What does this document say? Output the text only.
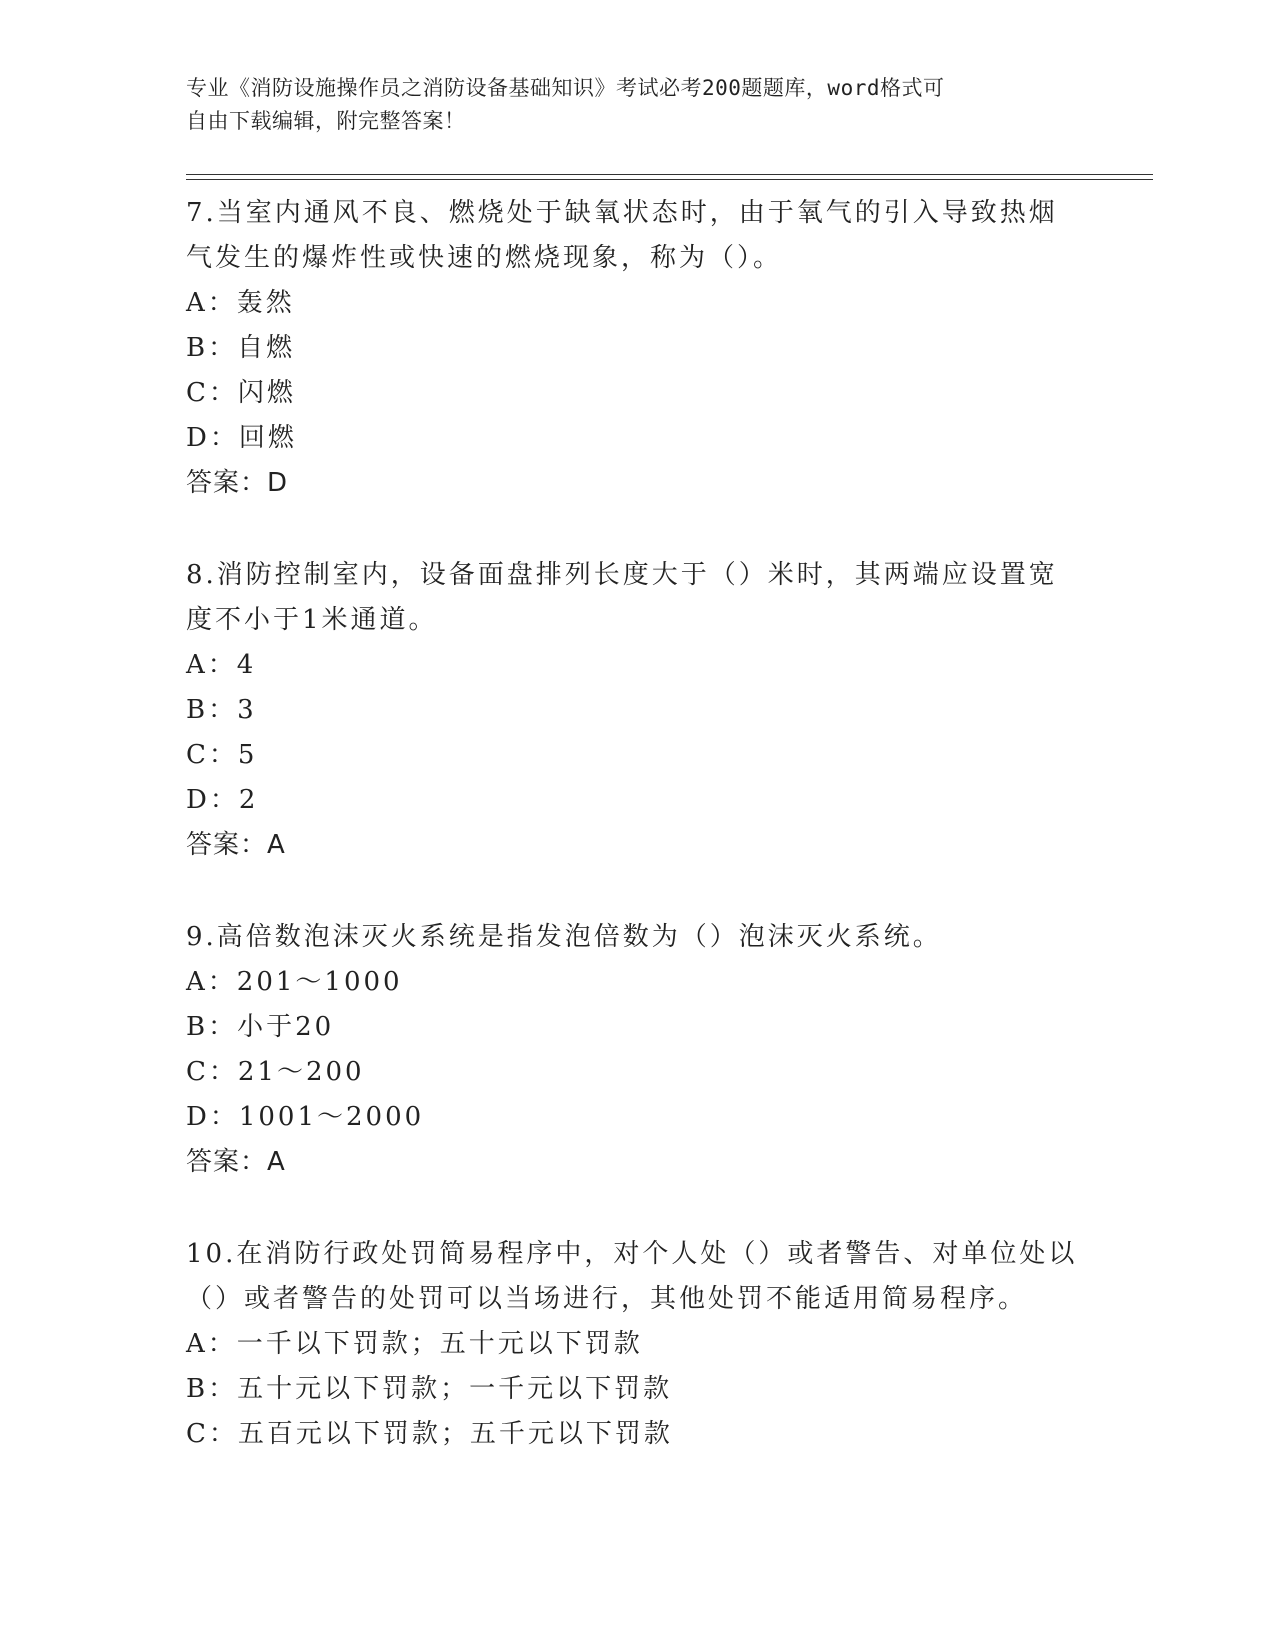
专业《消防设施操作员之消防设备基础知识》考试必考200题题库，word格式可
自由下载编辑，附完整答案！
7.当室内通风不良、燃烧处于缺氧状态时，由于氧气的引入导致热烟
气发生的爆炸性或快速的燃烧现象，称为（）。
A：轰然
B：自燃
C：闪燃
D：回燃
答案：D
8.消防控制室内，设备面盘排列长度大于（）米时，其两端应设置宽
度不小于1米通道。
A：4
B：3
C：5
D：2
答案：A
9.高倍数泡沫灭火系统是指发泡倍数为（）泡沫灭火系统。
A：201～1000
B：小于20
C：21～200
D：1001～2000
答案：A
10.在消防行政处罚简易程序中，对个人处（）或者警告、对单位处以
（）或者警告的处罚可以当场进行，其他处罚不能适用简易程序。
A：一千以下罚款；五十元以下罚款
B：五十元以下罚款；一千元以下罚款
C：五百元以下罚款；五千元以下罚款
